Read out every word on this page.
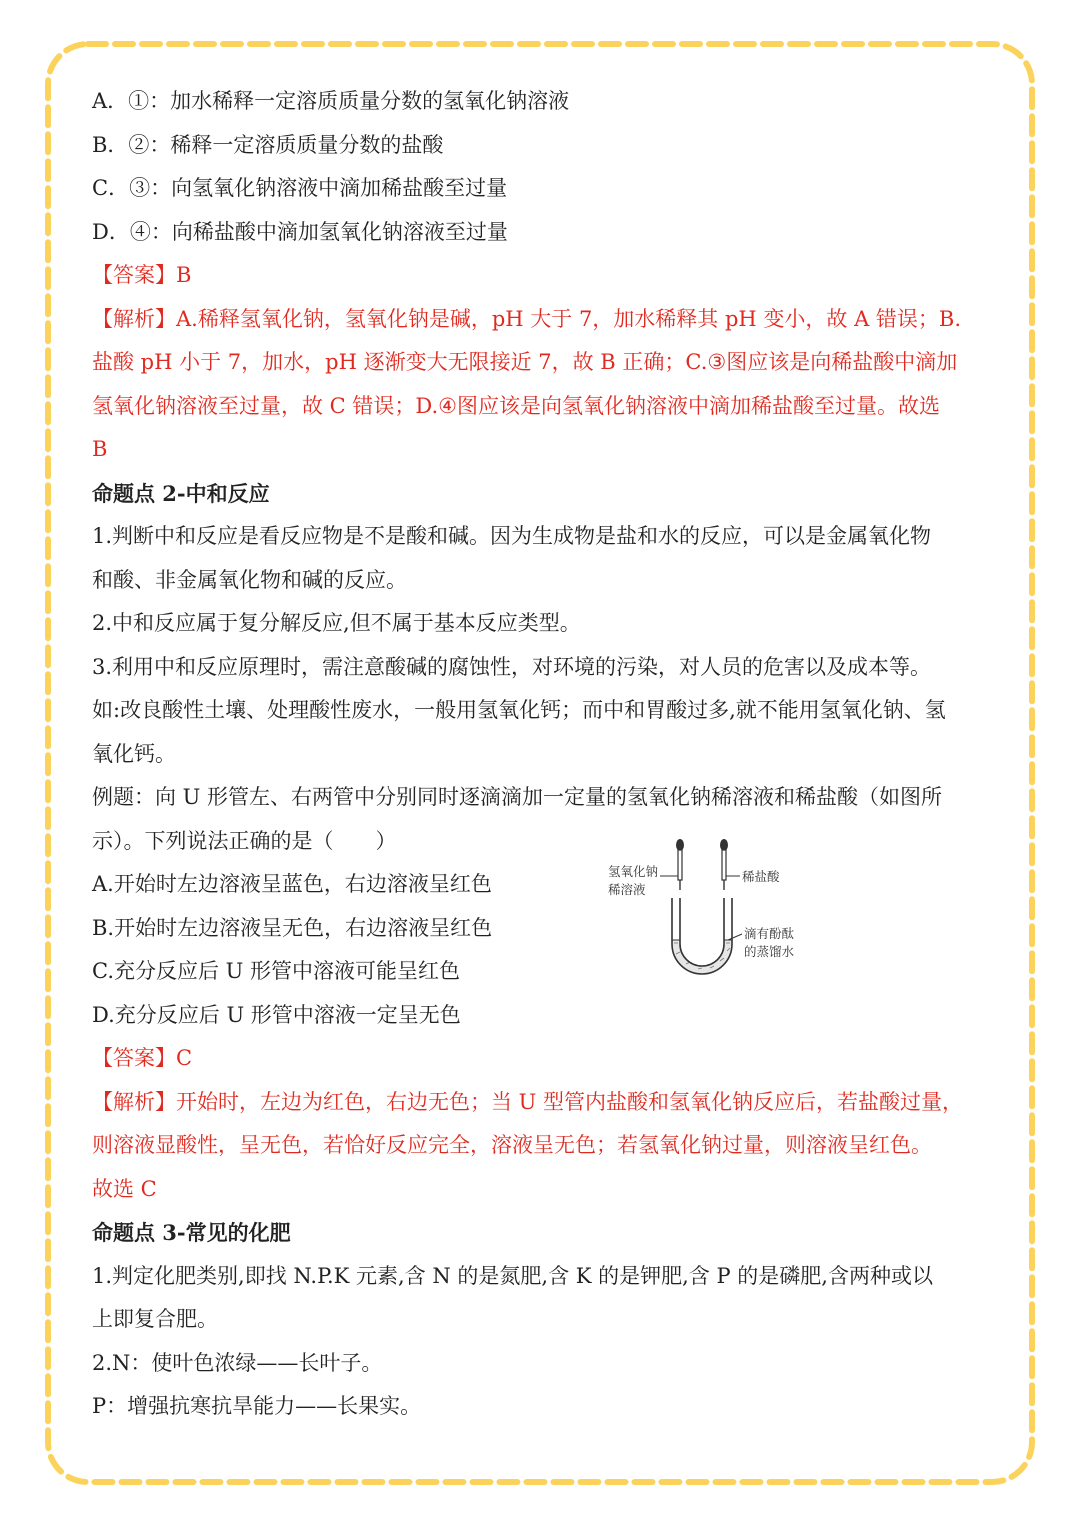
A．①：加水稀释一定溶质质量分数的氢氧化钠溶液
B．②：稀释一定溶质质量分数的盐酸
C．③：向氢氧化钠溶液中滴加稀盐酸至过量
D．④：向稀盐酸中滴加氢氧化钠溶液至过量
【答案】B
【解析】A.稀释氢氧化钠，氢氧化钠是碱，pH 大于 7，加水稀释其 pH 变小，故 A 错误；B.
盐酸 pH 小于 7，加水，pH 逐渐变大无限接近 7，故 B 正确；C.③图应该是向稀盐酸中滴加
氢氧化钠溶液至过量，故 C 错误；D.④图应该是向氢氧化钠溶液中滴加稀盐酸至过量。故选
B
命题点 2-中和反应
1.判断中和反应是看反应物是不是酸和碱。因为生成物是盐和水的反应，可以是金属氧化物
和酸、非金属氧化物和碱的反应。
2.中和反应属于复分解反应,但不属于基本反应类型。
3.利用中和反应原理时，需注意酸碱的腐蚀性，对环境的污染，对人员的危害以及成本等。
如:改良酸性土壤、处理酸性废水，一般用氢氧化钙；而中和胃酸过多,就不能用氢氧化钠、氢
氧化钙。
例题：向 U 形管左、右两管中分别同时逐滴滴加一定量的氢氧化钠稀溶液和稀盐酸（如图所
示）。下列说法正确的是（　　）
A.开始时左边溶液呈蓝色，右边溶液呈红色
B.开始时左边溶液呈无色，右边溶液呈红色
C.充分反应后 U 形管中溶液可能呈红色
D.充分反应后 U 形管中溶液一定呈无色
【答案】C
【解析】开始时，左边为红色，右边无色；当 U 型管内盐酸和氢氧化钠反应后，若盐酸过量，
则溶液显酸性，呈无色，若恰好反应完全，溶液呈无色；若氢氧化钠过量，则溶液呈红色。
故选 C
命题点 3-常见的化肥
1.判定化肥类别,即找 N.P.K 元素,含 N 的是氮肥,含 K 的是钾肥,含 P 的是磷肥,含两种或以
上即复合肥。
2.N：使叶色浓绿——长叶子。
P：增强抗寒抗旱能力——长果实。
氢氧化钠
稀溶液
稀盐酸
滴有酚酞
的蒸馏水
